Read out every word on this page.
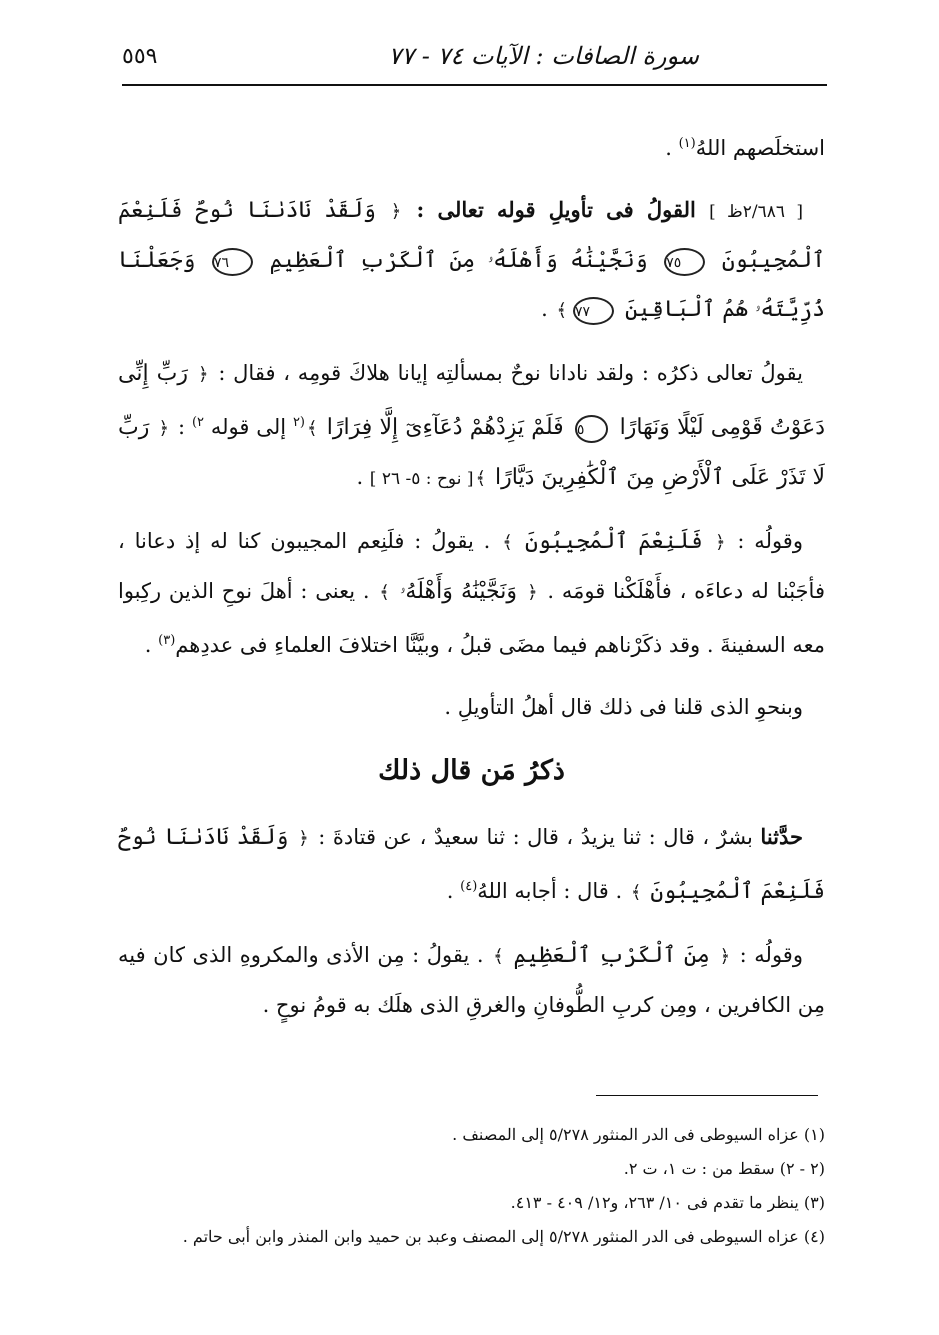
٥٥٩	سورة الصافات : الآيات ٧٤ - ٧٧

استخلَصهم اللهُ$^{(١)}$ .

[ ٢/٦٨٦ظ ] القولُ فى تأويلِ قوله تعالى : ﴿ وَلَقَدْ نَادَىٰنَا نُوحٌ فَلَنِعْمَ ٱلْمُجِيبُونَ ٧٥ وَنَجَّيْنَٰهُ وَأَهْلَهُۥ مِنَ ٱلْكَرْبِ ٱلْعَظِيمِ ٧٦ وَجَعَلْنَا ذُرِّيَّتَهُۥ هُمُ ٱلْبَاقِينَ ٧٧﴾ .

يقولُ تعالى ذكرُه : ولقد نادانا نوحٌ بمسألتِه إيانا هلاكَ قومِه ، فقال : ﴿ رَبِّ إِنِّى دَعَوْتُ قَوْمِى لَيْلًا وَنَهَارًا ٥ فَلَمْ يَزِدْهُمْ دُعَآءِىٓ إِلَّا فِرَارًا ﴾$^{(٢}$ إلى قوله $^{٢)}$ : ﴿ رَبِّ لَا تَذَرْ عَلَى ٱلْأَرْضِ مِنَ ٱلْكَٰفِرِينَ دَيَّارًا ﴾[ نوح : ٥- ٢٦ ] .

وقولُه : ﴿ فَلَنِعْمَ ٱلْمُجِيبُونَ ﴾ . يقولُ : فلَنِعم المجيبون كنا له إذ دعانا ، فأجَبْنا له دعاءَه ، فأَهْلَكْنا قومَه . ﴿ وَنَجَّيْنَٰهُ وَأَهْلَهُۥ ﴾ . يعنى : أهلَ نوحِ الذين ركِبوا معه السفينةَ . وقد ذكَرْناهم فيما مضَى قبلُ ، وبيَّنَّا اختلافَ العلماءِ فى عددِهم$^{(٣)}$ .

وبنحوِ الذى قلنا فى ذلك قال أهلُ التأويلِ .

ذكرُ مَن قال ذلك

حدَّثنا بشرٌ ، قال : ثنا يزيدُ ، قال : ثنا سعيدٌ ، عن قتادةَ : ﴿ وَلَقَدْ نَادَىٰنَا نُوحٌ فَلَنِعْمَ ٱلْمُجِيبُونَ ﴾ . قال : أجابه اللهُ$^{(٤)}$ .

وقولُه : ﴿ مِنَ ٱلْكَرْبِ ٱلْعَظِيمِ ﴾ . يقولُ : مِن الأذى والمكروهِ الذى كان فيه مِن الكافرين ، ومِن كربِ الطُّوفانِ والغرقِ الذى هلَك به قومُ نوحٍ .

(١) عزاه السيوطى فى الدر المنثور ٥/٢٧٨ إلى المصنف .

(٢ - ٢) سقط من : ت ١، ت ٢.

(٣) ينظر ما تقدم فى ١٠/ ٢٦٣، و١٢/ ٤٠٩ - ٤١٣.

(٤) عزاه السيوطى فى الدر المنثور ٥/٢٧٨ إلى المصنف وعبد بن حميد وابن المنذر وابن أبى حاتم .
